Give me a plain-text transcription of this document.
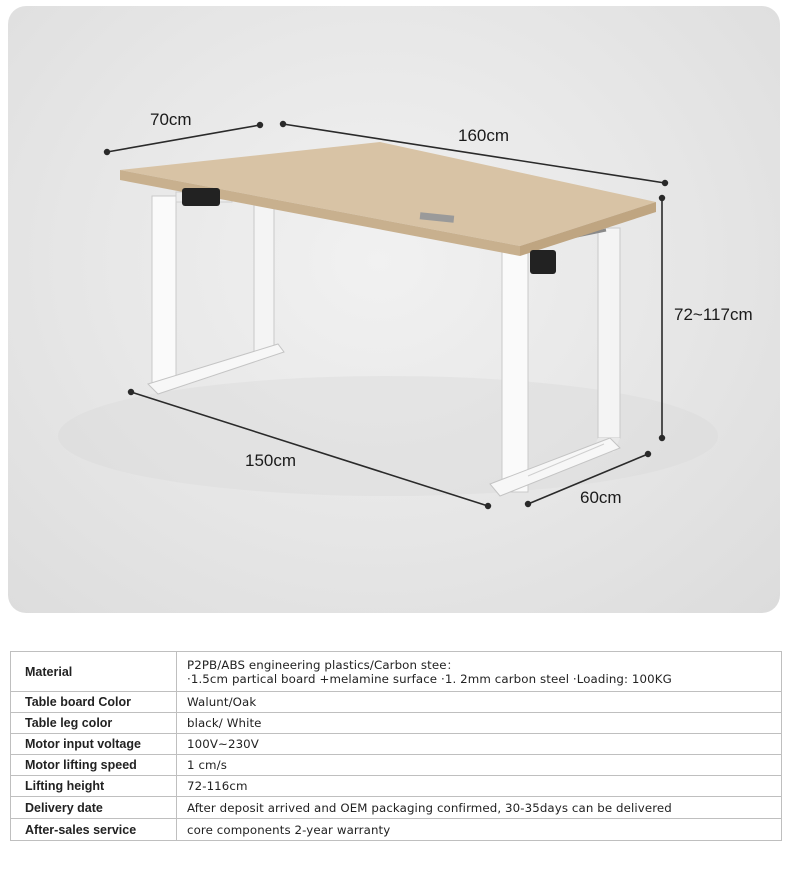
70cm
160cm
72~117cm
150cm
60cm
Material	P2PB/ABS engineering plastics/Carbon stee：
·1.5cm partical board +melamine surface ·1. 2mm carbon steel ·Loading: 100KG

Table board Color	Walunt/Oak
Table leg color	black/ White
Motor input voltage	100V~230V
Motor lifting speed	1 cm/s
Lifting height	72-116cm
Delivery date	After deposit arrived and OEM packaging confirmed, 30-35days can be delivered
After-sales service	core components 2-year warranty
